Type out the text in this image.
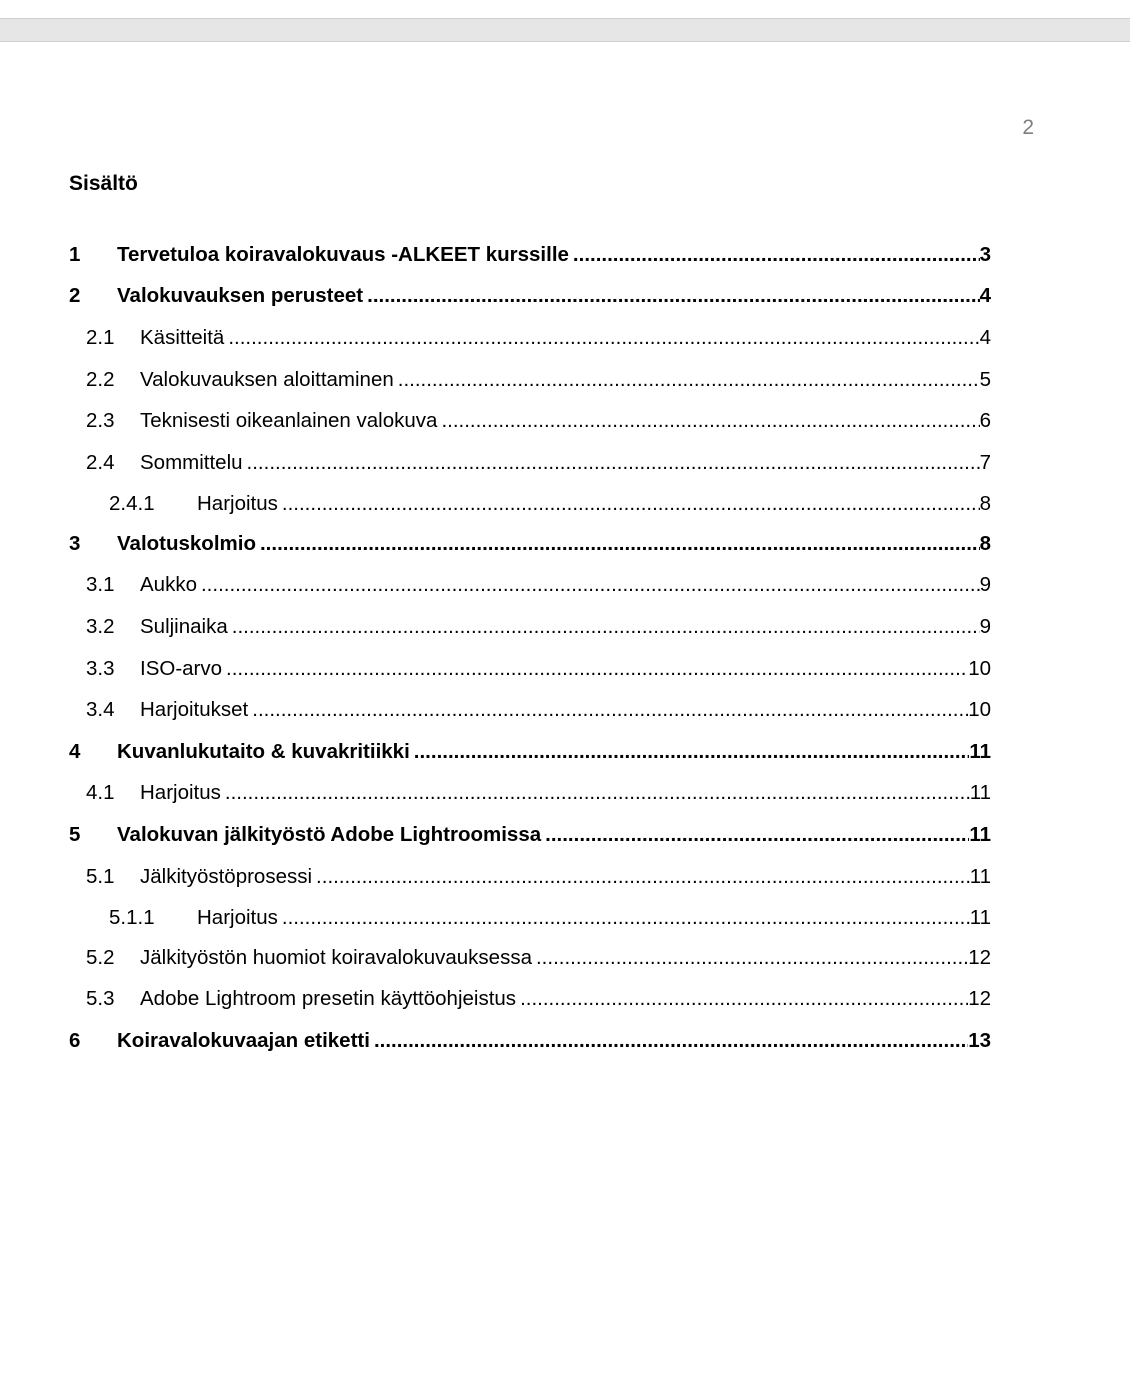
2
Sisältö
1	Tervetuloa koiravalokuvaus -ALKEET kurssille .....	3
2	Valokuvauksen perusteet .....	4
2.1	Käsitteitä .....	4
2.2	Valokuvauksen aloittaminen .....	5
2.3	Teknisesti oikeanlainen valokuva .....	6
2.4	Sommittelu .....	7
2.4.1	Harjoitus .....	8
3	Valotuskolmio .....	8
3.1	Aukko .....	9
3.2	Suljinaika .....	9
3.3	ISO-arvo .....	10
3.4	Harjoitukset .....	10
4	Kuvanlukutaito & kuvakritiikki .....	11
4.1	Harjoitus .....	11
5	Valokuvan jälkityöstö Adobe Lightroomissa .....	11
5.1	Jälkityöstöprosessi .....	11
5.1.1	Harjoitus .....	11
5.2	Jälkityöstön huomiot koiravalokuvauksessa .....	12
5.3	Adobe Lightroom presetin käyttöohjeistus .....	12
6	Koiravalokuvaajan etiketti .....	13
